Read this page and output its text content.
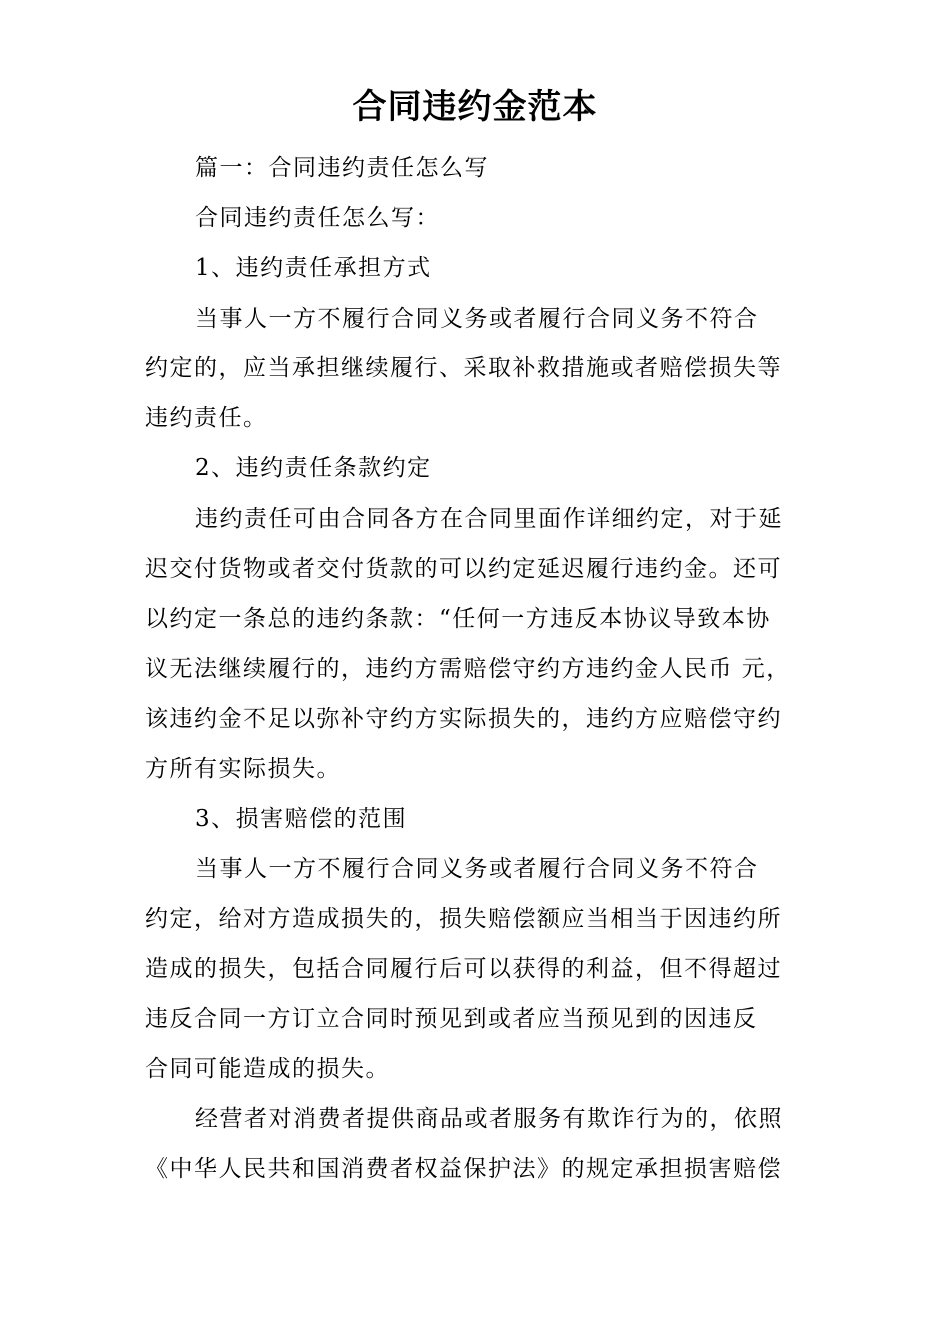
合同违约金范本
篇一：合同违约责任怎么写
合同违约责任怎么写：
1、违约责任承担方式
当事人一方不履行合同义务或者履行合同义务不符合
约定的，应当承担继续履行、采取补救措施或者赔偿损失等
违约责任。
2、违约责任条款约定
违约责任可由合同各方在合同里面作详细约定，对于延
迟交付货物或者交付货款的可以约定延迟履行违约金。还可
以约定一条总的违约条款：“任何一方违反本协议导致本协
议无法继续履行的，违约方需赔偿守约方违约金人民币 元，
该违约金不足以弥补守约方实际损失的，违约方应赔偿守约
方所有实际损失。
3、损害赔偿的范围
当事人一方不履行合同义务或者履行合同义务不符合
约定，给对方造成损失的，损失赔偿额应当相当于因违约所
造成的损失，包括合同履行后可以获得的利益，但不得超过
违反合同一方订立合同时预见到或者应当预见到的因违反
合同可能造成的损失。
经营者对消费者提供商品或者服务有欺诈行为的，依照
《中华人民共和国消费者权益保护法》的规定承担损害赔偿
